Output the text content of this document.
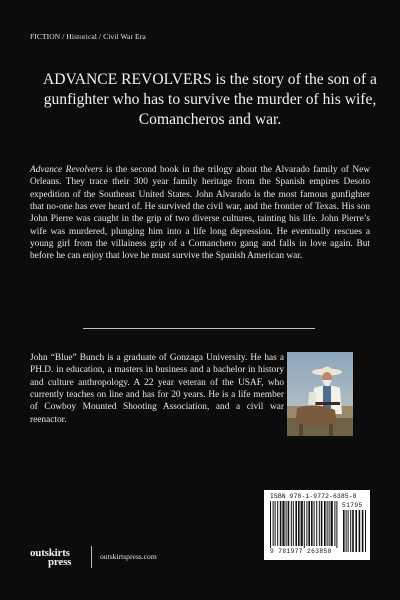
FICTION / Historical / Civil War Era
ADVANCE REVOLVERS is the story of the son of a gunfighter who has to survive the murder of his wife, Comancheros and war.

Advance Revolvers is the second book in the trilogy about the Alvarado family of New Orleans. They trace their 300 year family heritage from the Spanish empires Desoto expedition of the Southeast United States. John Alvarado is the most famous gunfighter that no-one has ever heard of. He survived the civil war, and the frontier of Texas. His son John Pierre was caught in the grip of two diverse cultures, tainting his life. John Pierre’s wife was murdered, plunging him into a life long depression. He eventually rescues a young girl from the villainess grip of a Comanchero gang and falls in love again. But before he can enjoy that love he must survive the Spanish American war.

John “Blue” Bunch is a graduate of Gonzaga University. He has a PH.D. in education, a masters in business and a bachelor in history and culture anthropology. A 22 year veteran of the USAF, who currently teaches on line and has for 20 years. He is a life member of Cowboy Mounted Shooting Association, and a civil war reenactor.

ISBN 978-1-9772-6385-8
51795
9 781977 263858
outskirts
press	outskirtspress.com
